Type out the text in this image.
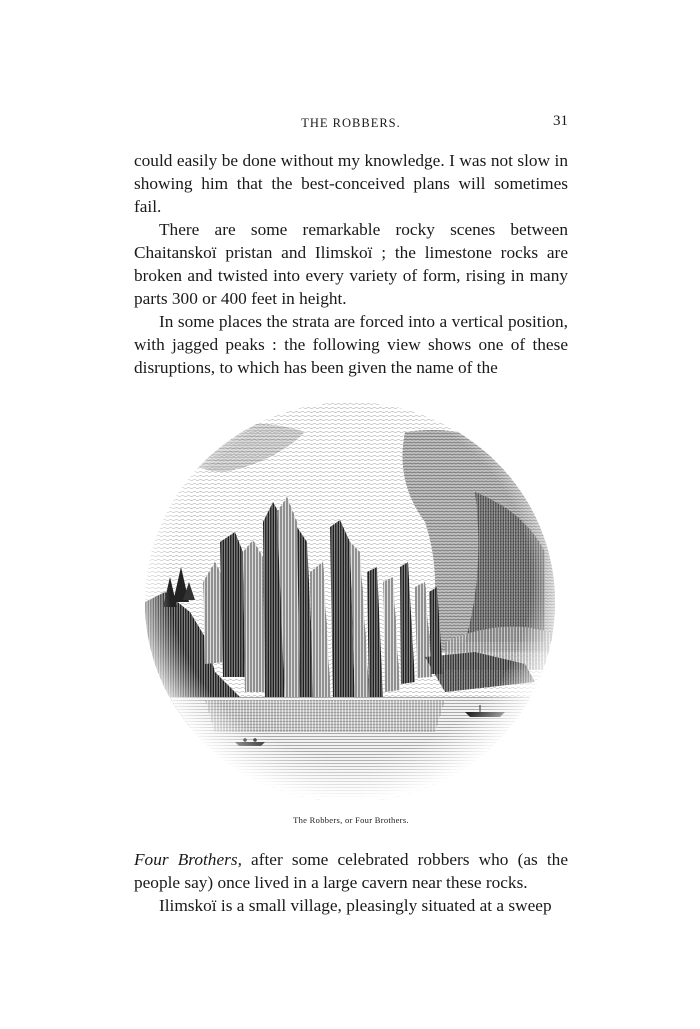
THE ROBBERS.	31

could easily be done without my knowledge. I was not slow in showing him that the best-conceived plans will sometimes fail.

There are some remarkable rocky scenes between Chaitanskoï pristan and Ilimskoï ; the limestone rocks are broken and twisted into every variety of form, rising in many parts 300 or 400 feet in height.

In some places the strata are forced into a vertical position, with jagged peaks : the following view shows one of these disruptions, to which has been given the name of the

The Robbers, or Four Brothers.

Four Brothers, after some celebrated robbers who (as the people say) once lived in a large cavern near these rocks.

Ilimskoï is a small village, pleasingly situated at a sweep
